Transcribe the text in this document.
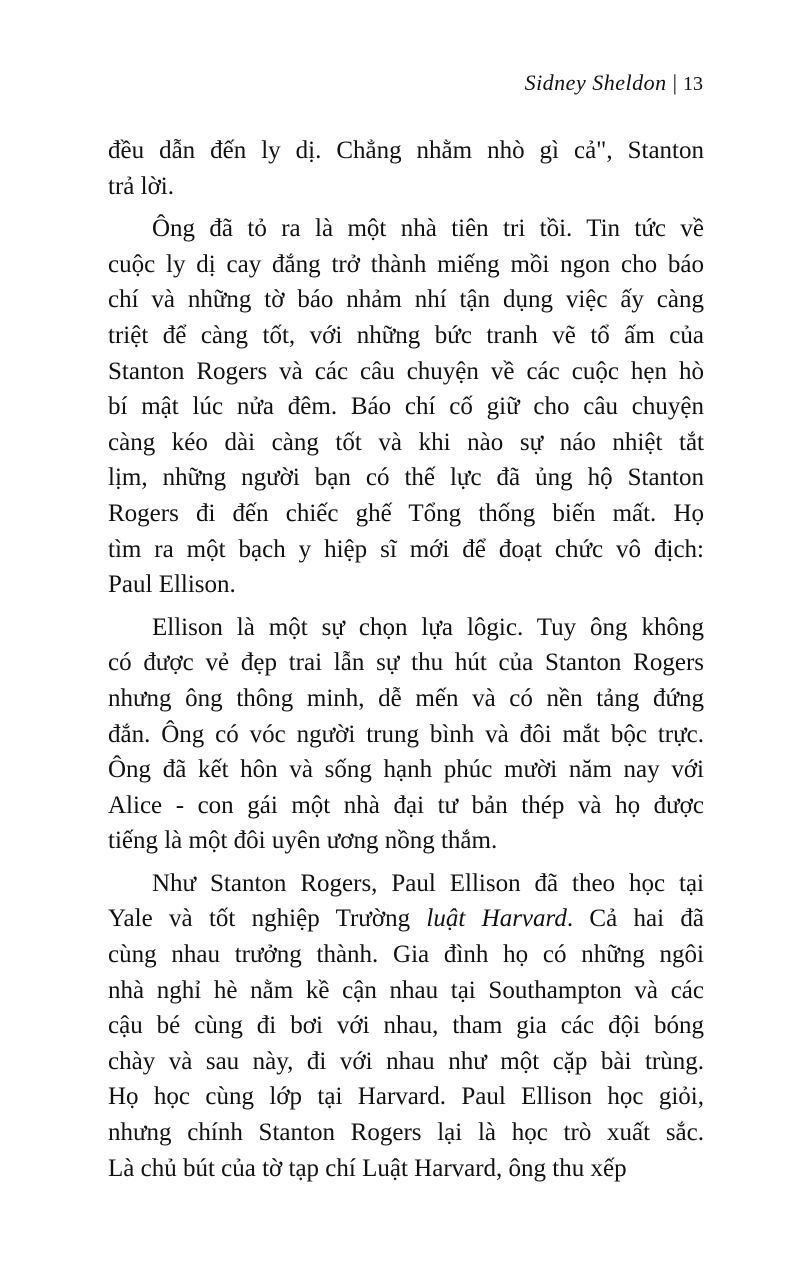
Sidney Sheldon | 13
đều dẫn đến ly dị. Chẳng nhằm nhò gì cả", Stanton
trả lời.
Ông đã tỏ ra là một nhà tiên tri tồi. Tin tức về
cuộc ly dị cay đắng trở thành miếng mồi ngon cho báo
chí và những tờ báo nhảm nhí tận dụng việc ấy càng
triệt để càng tốt, với những bức tranh vẽ tổ ấm của
Stanton Rogers và các câu chuyện về các cuộc hẹn hò
bí mật lúc nửa đêm. Báo chí cố giữ cho câu chuyện
càng kéo dài càng tốt và khi nào sự náo nhiệt tắt
lịm, những người bạn có thế lực đã ủng hộ Stanton
Rogers đi đến chiếc ghế Tổng thống biến mất. Họ
tìm ra một bạch y hiệp sĩ mới để đoạt chức vô địch:
Paul Ellison.
Ellison là một sự chọn lựa lôgic. Tuy ông không
có được vẻ đẹp trai lẫn sự thu hút của Stanton Rogers
nhưng ông thông minh, dễ mến và có nền tảng đứng
đắn. Ông có vóc người trung bình và đôi mắt bộc trực.
Ông đã kết hôn và sống hạnh phúc mười năm nay với
Alice - con gái một nhà đại tư bản thép và họ được
tiếng là một đôi uyên ương nồng thắm.
Như Stanton Rogers, Paul Ellison đã theo học tại
Yale và tốt nghiệp Trường luật Harvard. Cả hai đã
cùng nhau trưởng thành. Gia đình họ có những ngôi
nhà nghỉ hè nằm kề cận nhau tại Southampton và các
cậu bé cùng đi bơi với nhau, tham gia các đội bóng
chày và sau này, đi với nhau như một cặp bài trùng.
Họ học cùng lớp tại Harvard. Paul Ellison học giỏi,
nhưng chính Stanton Rogers lại là học trò xuất sắc.
Là chủ bút của tờ tạp chí Luật Harvard, ông thu xếp
